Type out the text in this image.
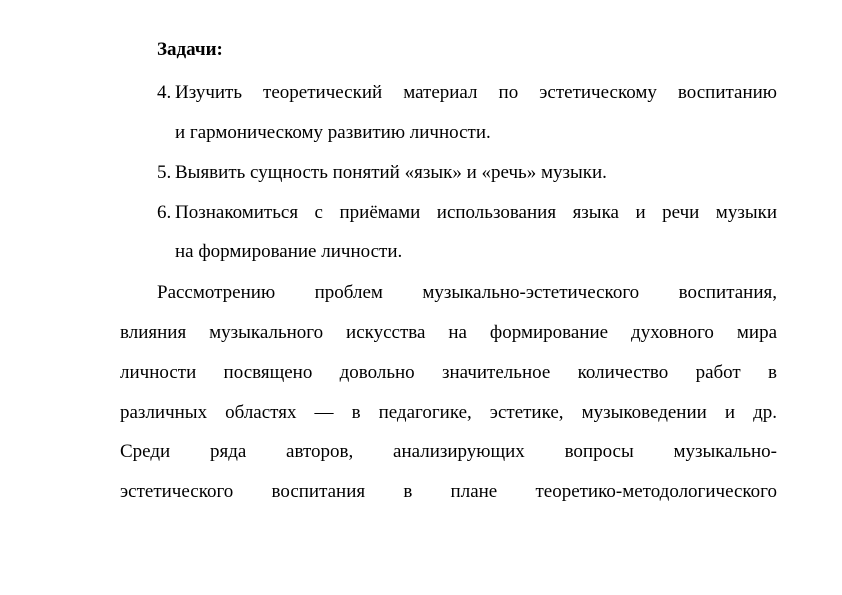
Задачи:
4. Изучить теоретический материал по эстетическому воспитанию
и гармоническому развитию личности.
5. Выявить сущность понятий «язык» и «речь» музыки.
6. Познакомиться с приёмами использования языка и речи музыки
на формирование личности.
Рассмотрению проблем музыкально-эстетического воспитания,
влияния музыкального искусства на формирование духовного мира
личности посвящено довольно значительное количество работ в
различных областях — в педагогике, эстетике, музыковедении и др.
Среди ряда авторов, анализирующих вопросы музыкально-
эстетического воспитания в плане теоретико-методологического
